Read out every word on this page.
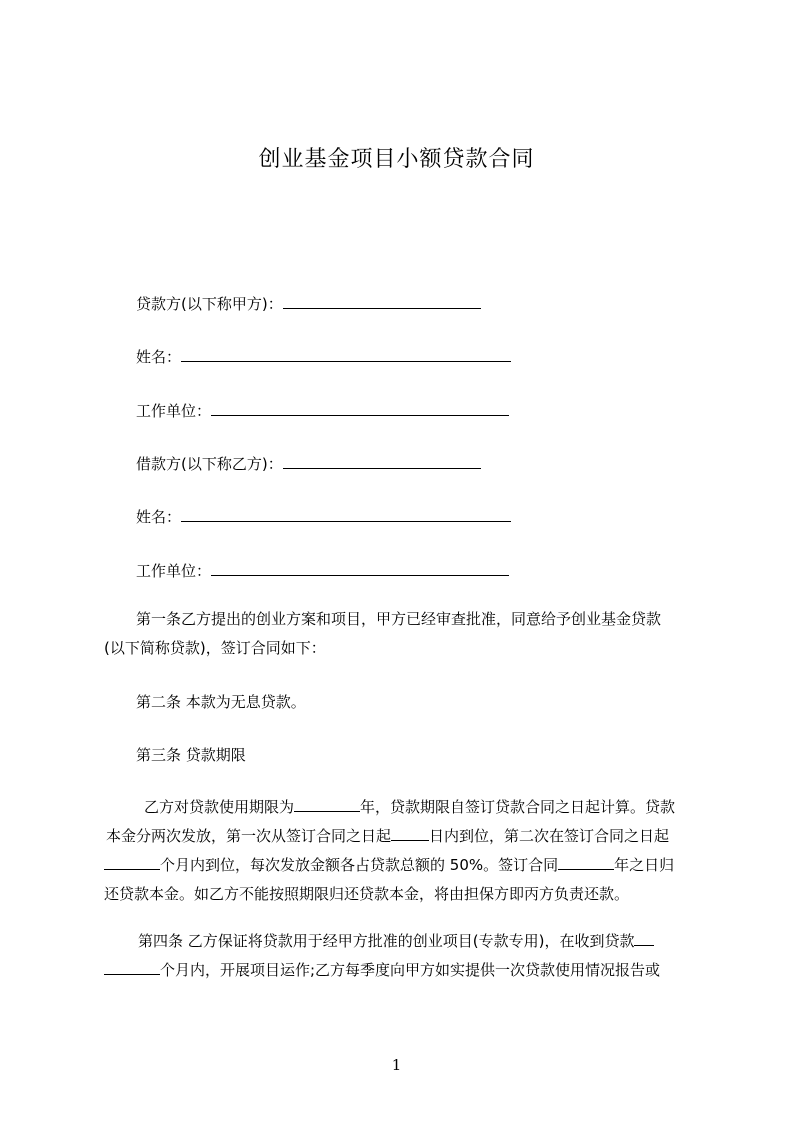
创业基金项目小额贷款合同
贷款方(以下称甲方)：
姓名：
工作单位：
借款方(以下称乙方)：
姓名：
工作单位：
第一条乙方提出的创业方案和项目，甲方已经审查批准，同意给予创业基金贷款
(以下简称贷款)，签订合同如下：
第二条 本款为无息贷款。
第三条 贷款期限
乙方对贷款使用期限为	年，贷款期限自签订贷款合同之日起计算。贷款
本金分两次发放，第一次从签订合同之日起	日内到位，第二次在签订合同之日起
个月内到位，每次发放金额各占贷款总额的 50%。签订合同	年之日归
还贷款本金。如乙方不能按照期限归还贷款本金，将由担保方即丙方负责还款。
第四条 乙方保证将贷款用于经甲方批准的创业项目(专款专用)，在收到贷款
个月内，开展项目运作;乙方每季度向甲方如实提供一次贷款使用情况报告或
1
